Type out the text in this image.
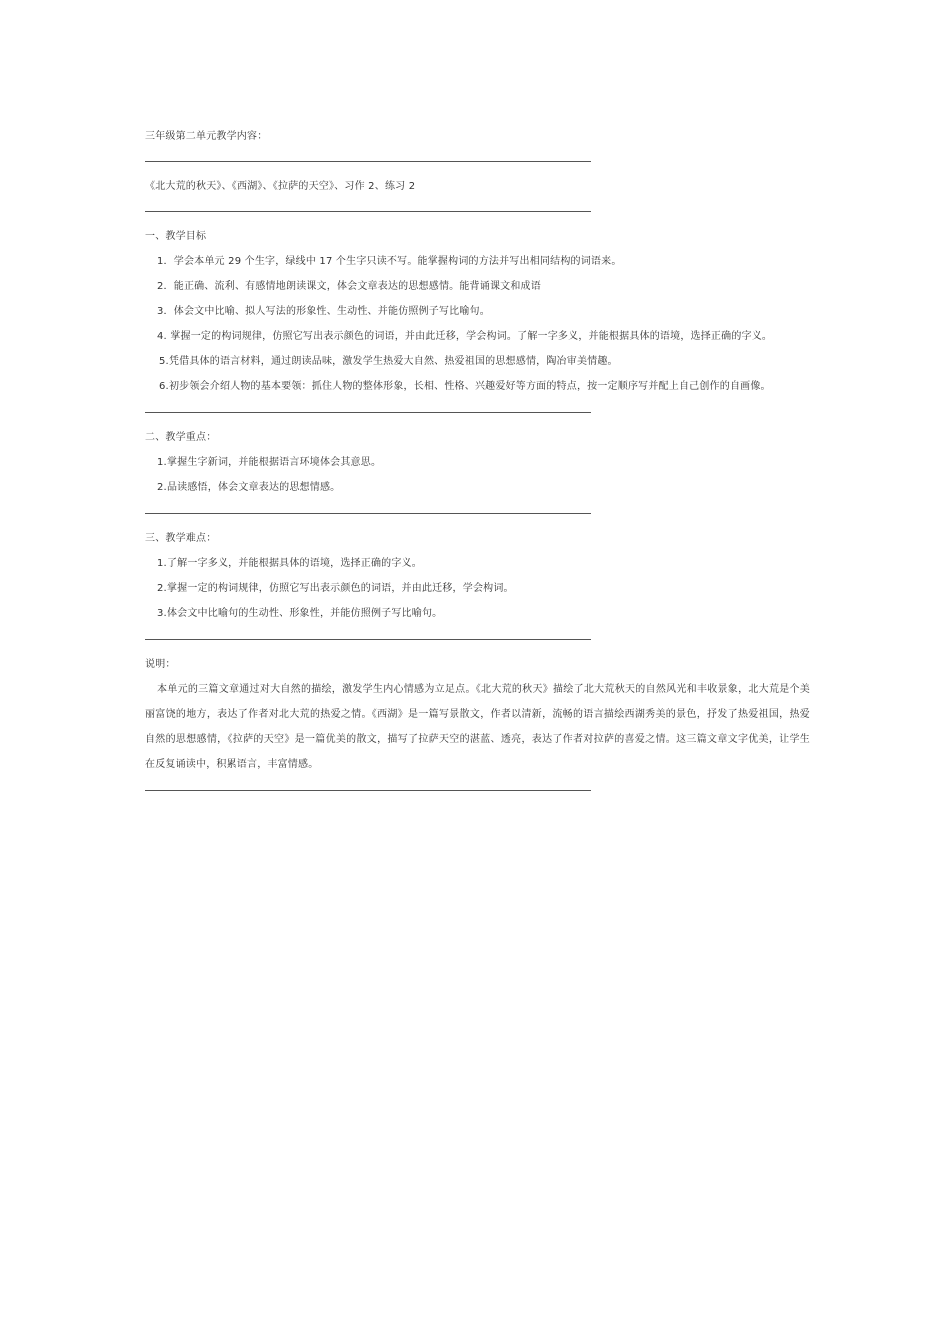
三年级第二单元教学内容：
《北大荒的秋天》、《西湖》、《拉萨的天空》、习作 2、练习 2
一、教学目标
1．学会本单元 29 个生字，绿线中 17 个生字只读不写。能掌握构词的方法并写出相同结构的词语来。
2．能正确、流利、有感情地朗读课文，体会文章表达的思想感情。能背诵课文和成语
3．体会文中比喻、拟人写法的形象性、生动性、并能仿照例子写比喻句。
4. 掌握一定的构词规律，仿照它写出表示颜色的词语，并由此迁移，学会构词。了解一字多义，并能根据具体的语境，选择正确的字义。
5.凭借具体的语言材料，通过朗读品味，激发学生热爱大自然、热爱祖国的思想感情，陶冶审美情趣。
6.初步领会介绍人物的基本要领：抓住人物的整体形象，长相、性格、兴趣爱好等方面的特点，按一定顺序写并配上自己创作的自画像。
二、教学重点：
1.掌握生字新词，并能根据语言环境体会其意思。
2.品读感悟，体会文章表达的思想情感。
三、教学难点：
1.了解一字多义，并能根据具体的语境，选择正确的字义。
2.掌握一定的构词规律，仿照它写出表示颜色的词语，并由此迁移，学会构词。
3.体会文中比喻句的生动性、形象性，并能仿照例子写比喻句。
说明：
本单元的三篇文章通过对大自然的描绘，激发学生内心情感为立足点。《北大荒的秋天》描绘了北大荒秋天的自然风光和丰收景象，北大荒是个美丽富饶的地方，表达了作者对北大荒的热爱之情。《西湖》是一篇写景散文，作者以清新，流畅的语言描绘西湖秀美的景色，抒发了热爱祖国，热爱自然的思想感情，《拉萨的天空》是一篇优美的散文，描写了拉萨天空的湛蓝、透亮，表达了作者对拉萨的喜爱之情。这三篇文章文字优美，让学生在反复诵读中，积累语言，丰富情感。
